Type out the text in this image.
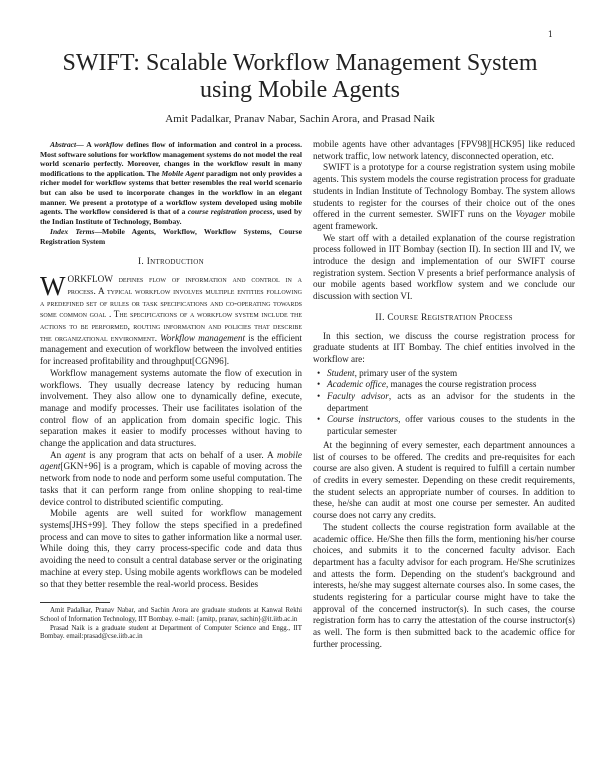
1
SWIFT: Scalable Workflow Management System
using Mobile Agents
Amit Padalkar, Pranav Nabar, Sachin Arora, and Prasad Naik

Abstract— A workflow defines flow of information and control in a process. Most software solutions for workflow management systems do not model the real world scenario perfectly. Moreover, changes in the workflow result in many modifications to the application. The Mobile Agent paradigm not only provides a richer model for workflow systems that better resembles the real world scenario but can also be used to incorporate changes in the workflow in an elegant manner. We present a prototype of a workflow system developed using mobile agents. The workflow considered is that of a course registration process, used by the Indian Institute of Technology, Bombay.

Index Terms—Mobile Agents, Workflow, Workflow Systems, Course Registration System

I. Introduction

WORKFLOW defines flow of information and control in a process. A typical workflow involves multiple entities following a predefined set of rules or task specifications and co-operating towards some common goal . The specifications of a workflow system include the actions to be performed, routing information and policies that describe the organizational environment. Workflow management is the efficient management and execution of workflow between the involved entities for increased profitability and throughput[CGN96].

Workflow management systems automate the flow of execution in workflows. They usually decrease latency by reducing human involvement. They also allow one to dynamically define, execute, manage and modify processes. Their use facilitates isolation of the control flow of an application from domain specific logic. This separation makes it easier to modify processes without having to change the application and data structures.

An agent is any program that acts on behalf of a user. A mobile agent[GKN+96] is a program, which is capable of moving across the network from node to node and perform some useful computation. The tasks that it can perform range from online shopping to real-time device control to distributed scientific computing.

Mobile agents are well suited for workflow management systems[JHS+99]. They follow the steps specified in a predefined process and can move to sites to gather information like a normal user. While doing this, they carry process-specific code and data thus avoiding the need to consult a central database server or the originating machine at every step. Using mobile agents workflows can be modeled so that they better resemble the real-world process. Besides

Amit Padalkar, Pranav Nabar, and Sachin Arora are graduate students at Kanwal Rekhi School of Information Technology, IIT Bombay. e-mail: {amitp, pranav, sachin}@it.iitb.ac.in

Prasad Naik is a graduate student at Department of Computer Science and Engg., IIT Bombay. email:prasad@cse.iitb.ac.in

mobile agents have other advantages [FPV98][HCK95] like reduced network traffic, low network latency, disconnected operation, etc.

SWIFT is a prototype for a course registration system using mobile agents. This system models the course registration process for graduate students in Indian Institute of Technology Bombay. The system allows students to register for the courses of their choice out of the ones offered in the current semester. SWIFT runs on the Voyager mobile agent framework.

We start off with a detailed explanation of the course registration process followed in IIT Bombay (section II). In section III and IV, we introduce the design and implementation of our SWIFT course registration system. Section V presents a brief performance analysis of our mobile agents based workflow system and we conclude our discussion with section VI.

II. Course Registration Process

In this section, we discuss the course registration process for graduate students at IIT Bombay. The chief entities involved in the workflow are:

• Student, primary user of the system
• Academic office, manages the course registration process
• Faculty advisor, acts as an advisor for the students in the department
• Course instructors, offer various couses to the students in the particular semester

At the beginning of every semester, each department announces a list of courses to be offered. The credits and pre-requisites for each course are also given. A student is required to fulfill a certain number of credits in every semester. Depending on these credit requirements, the student selects an appropriate number of courses. In addition to these, he/she can audit at most one course per semester. An audited course does not carry any credits.

The student collects the course registration form available at the academic office. He/She then fills the form, mentioning his/her course choices, and submits it to the concerned faculty advisor. Each department has a faculty advisor for each program. He/She scrutinizes and attests the form. Depending on the student's background and interests, he/she may suggest alternate courses also. In some cases, the students registering for a particular course might have to take the approval of the concerned instructor(s). In such cases, the course registration form has to carry the attestation of the course instructor(s) as well. The form is then submitted back to the academic office for further processing.
